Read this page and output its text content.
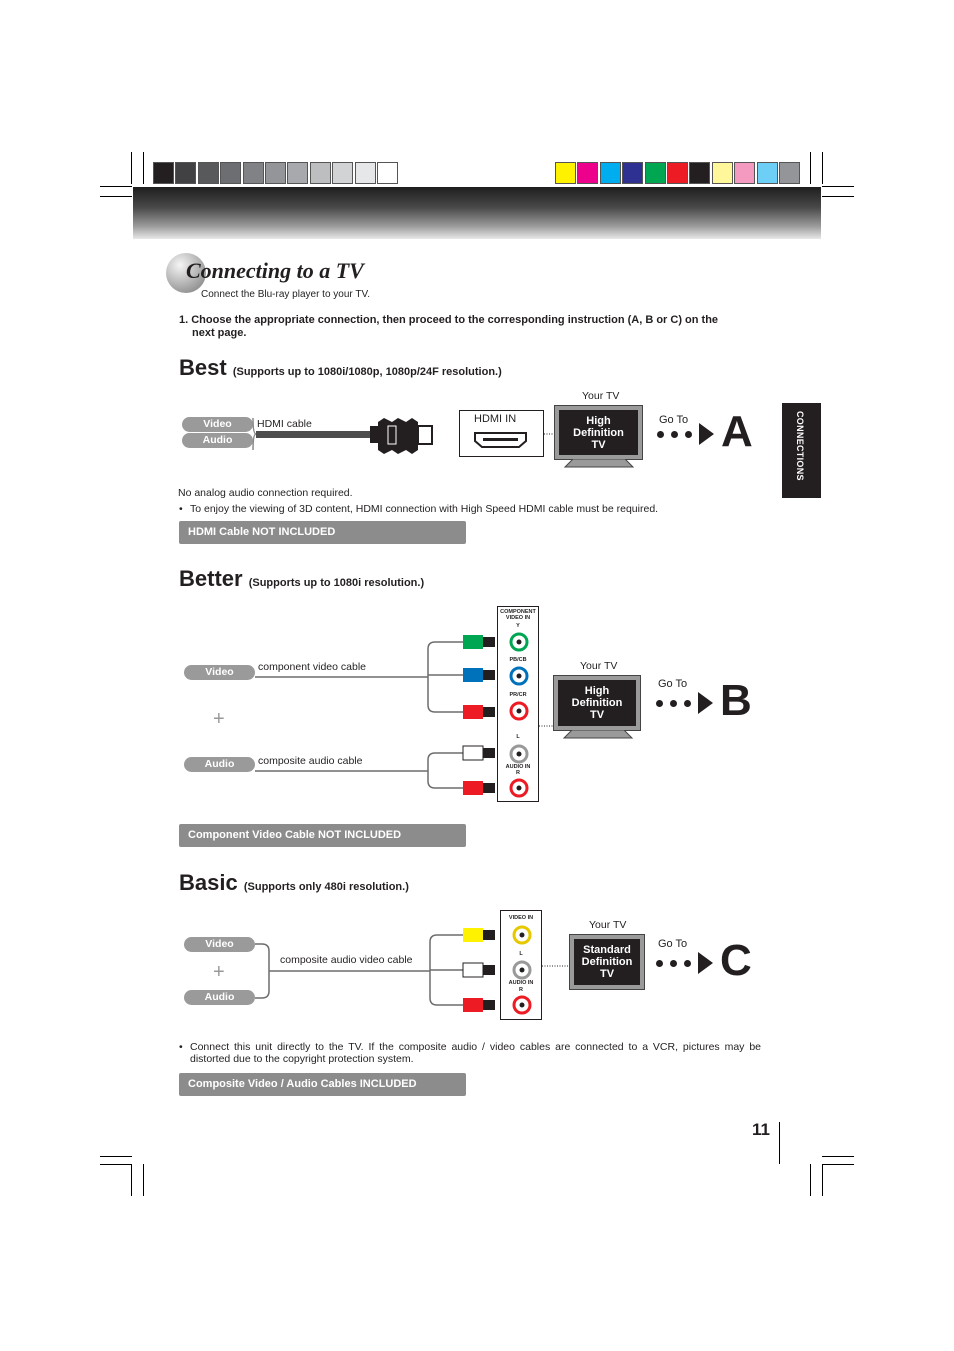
CONNECTIONS
Connecting to a TV
Connect the Blu-ray player to your TV.
1. Choose the appropriate connection, then proceed to the corresponding instruction (A, B or C) on the
next page.
Best (Supports up to 1080i/1080p, 1080p/24F resolution.)
Video
Audio
HDMI cable	HDMI IN
Your TV
High
Definition
TV
Go To A
No analog audio connection required.
• To enjoy the viewing of 3D content, HDMI connection with High Speed HDMI cable must be required.
HDMI Cable NOT INCLUDED
Better (Supports up to 1080i resolution.)
Video	component video cable
+
Audio	composite audio cable
COMPONENT VIDEO IN
Y
PB/CB
PR/CR
L
AUDIO IN
R
Your TV
High
Definition
TV
Go To B
Component Video Cable NOT INCLUDED
Basic (Supports only 480i resolution.)
Video
+
Audio
composite audio video cable
VIDEO IN
L
AUDIO IN
R
Your TV
Standard
Definition
TV
Go To C
• Connect this unit directly to the TV. If the composite audio / video cables are connected to a VCR, pictures may be distorted due to the copyright protection system.
Composite Video / Audio Cables INCLUDED
11
